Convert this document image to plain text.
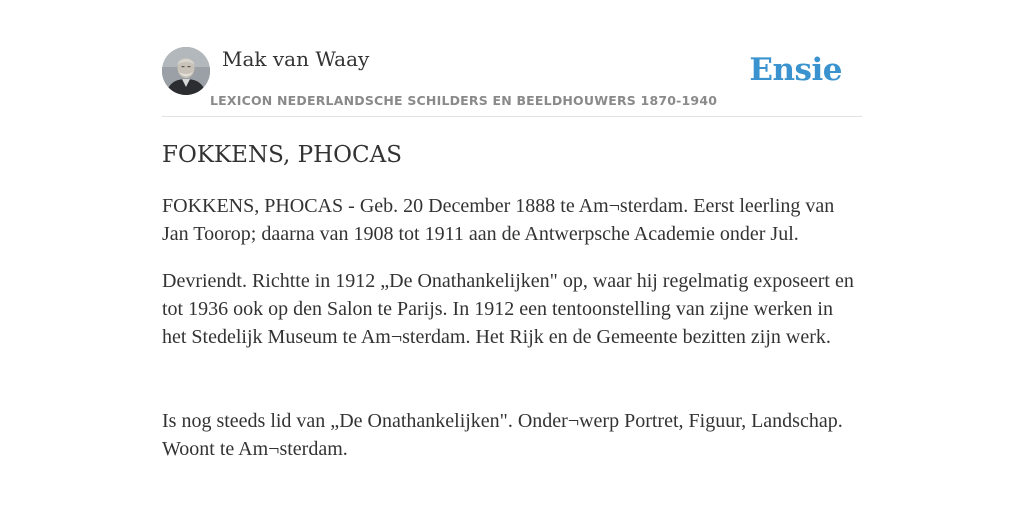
Mak van Waay
LEXICON NEDERLANDSCHE SCHILDERS EN BEELDHOUWERS 1870-1940
Ensie
FOKKENS, PHOCAS

FOKKENS, PHOCAS - Geb. 20 December 1888 te Am¬sterdam. Eerst leerling van Jan Toorop; daarna van 1908 tot 1911 aan de Antwerpsche Academie onder Jul.

Devriendt. Richtte in 1912 „De Onathankelijken" op, waar hij regelmatig exposeert en tot 1936 ook op den Salon te Parijs. In 1912 een tentoonstelling van zijne werken in het Stedelijk Museum te Am¬sterdam. Het Rijk en de Gemeente bezitten zijn werk.

Is nog steeds lid van „De Onathankelijken". Onder¬werp Portret, Figuur, Landschap. Woont te Am¬sterdam.
